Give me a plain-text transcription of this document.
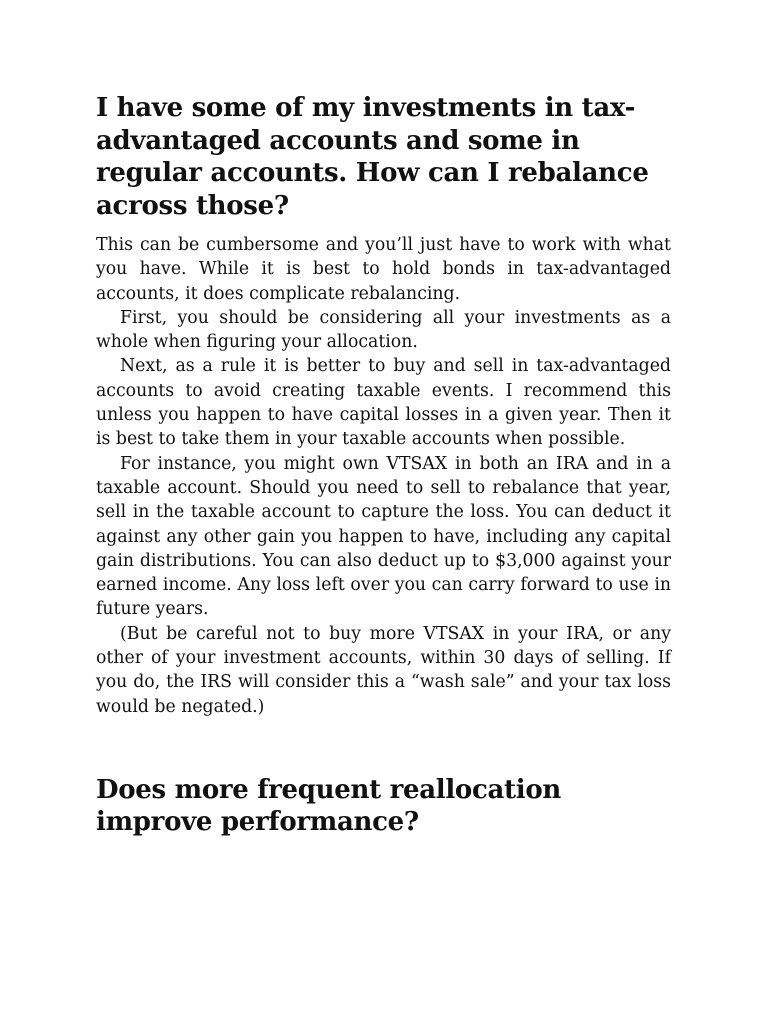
I have some of my investments in tax-advantaged accounts and some in regular accounts. How can I rebalance across those?

This can be cumbersome and you’ll just have to work with what you have. While it is best to hold bonds in tax-advantaged accounts, it does complicate rebalancing.

First, you should be considering all your investments as a whole when figuring your allocation.

Next, as a rule it is better to buy and sell in tax-advantaged accounts to avoid creating taxable events. I recommend this unless you happen to have capital losses in a given year. Then it is best to take them in your taxable accounts when possible.

For instance, you might own VTSAX in both an IRA and in a taxable account. Should you need to sell to rebalance that year, sell in the taxable account to capture the loss. You can deduct it against any other gain you happen to have, including any capital gain distributions. You can also deduct up to $3,000 against your earned income. Any loss left over you can carry forward to use in future years.

(But be careful not to buy more VTSAX in your IRA, or any other of your investment accounts, within 30 days of selling. If you do, the IRS will consider this a “wash sale” and your tax loss would be negated.)

Does more frequent reallocation improve performance?
